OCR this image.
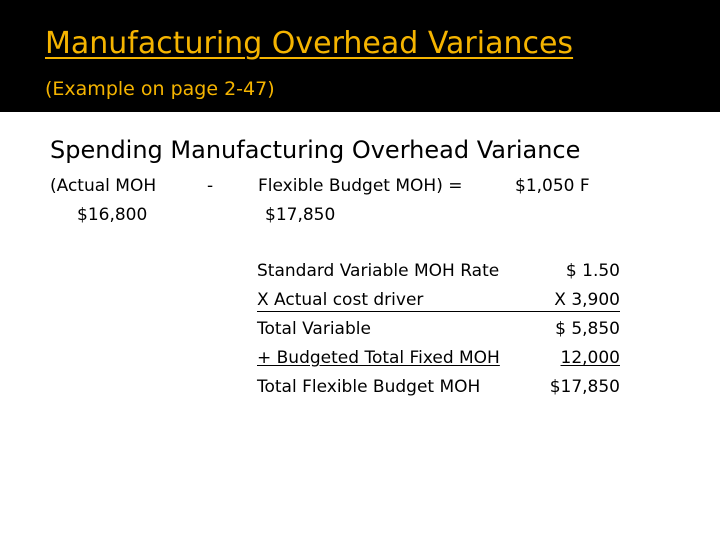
Manufacturing Overhead Variances
(Example on page 2-47)
Spending Manufacturing Overhead Variance
(Actual MOH	-	Flexible Budget MOH) =	$1,050 F
$16,800	$17,850
Standard Variable MOH Rate	$ 1.50
X Actual cost driver	X 3,900
Total Variable	$ 5,850
+ Budgeted Total Fixed MOH	12,000
Total Flexible Budget MOH	$17,850
